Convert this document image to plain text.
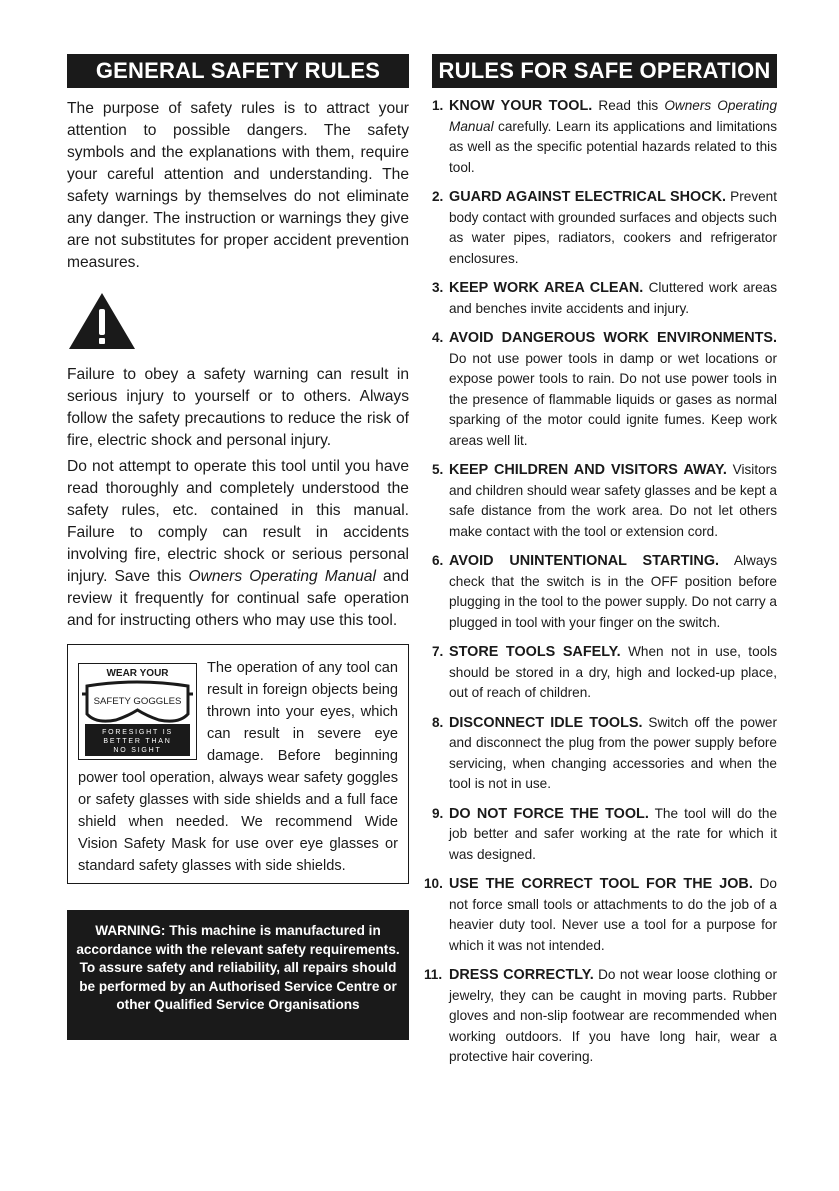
GENERAL SAFETY RULES

The purpose of safety rules is to attract your attention to possible dangers. The safety symbols and the explanations with them, require your careful attention and understanding. The safety warnings by themselves do not eliminate any danger. The instruction or warnings they give are not substitutes for proper accident prevention measures.

Failure to obey a safety warning can result in serious injury to yourself or to others. Always follow the safety precautions to reduce the risk of fire, electric shock and personal injury.

Do not attempt to operate this tool until you have read thoroughly and completely understood the safety rules, etc. contained in this manual. Failure to comply can result in accidents involving fire, electric shock or serious personal injury. Save this Owners Operating Manual and review it frequently for continual safe operation and for instructing others who may use this tool.

WEAR YOUR
SAFETY GOGGLES
FORESIGHT IS
BETTER THAN
NO SIGHT

The operation of any tool can result in foreign objects being thrown into your eyes, which can result in severe eye damage. Before beginning power tool operation, always wear safety goggles or safety glasses with side shields and a full face shield when needed. We recommend Wide Vision Safety Mask for use over eye glasses or standard safety glasses with side shields.

WARNING: This machine is manufactured in accordance with the relevant safety requirements. To assure safety and reliability, all repairs should be performed by an Authorised Service Centre or other Qualified Service Organisations
RULES FOR SAFE OPERATION
1. KNOW YOUR TOOL. Read this Owners Operating Manual carefully. Learn its applications and limitations as well as the specific potential hazards related to this tool.
2. GUARD AGAINST ELECTRICAL SHOCK. Prevent body contact with grounded surfaces and objects such as water pipes, radiators, cookers and refrigerator enclosures.
3. KEEP WORK AREA CLEAN. Cluttered work areas and benches invite accidents and injury.
4. AVOID DANGEROUS WORK ENVIRONMENTS. Do not use power tools in damp or wet locations or expose power tools to rain. Do not use power tools in the presence of flammable liquids or gases as normal sparking of the motor could ignite fumes. Keep work areas well lit.
5. KEEP CHILDREN AND VISITORS AWAY. Visitors and children should wear safety glasses and be kept a safe distance from the work area. Do not let others make contact with the tool or extension cord.
6. AVOID UNINTENTIONAL STARTING. Always check that the switch is in the OFF position before plugging in the tool to the power supply. Do not carry a plugged in tool with your finger on the switch.
7. STORE TOOLS SAFELY. When not in use, tools should be stored in a dry, high and locked-up place, out of reach of children.
8. DISCONNECT IDLE TOOLS. Switch off the power and disconnect the plug from the power supply before servicing, when changing accessories and when the tool is not in use.
9. DO NOT FORCE THE TOOL. The tool will do the job better and safer working at the rate for which it was designed.
10. USE THE CORRECT TOOL FOR THE JOB. Do not force small tools or attachments to do the job of a heavier duty tool. Never use a tool for a purpose for which it was not intended.
11. DRESS CORRECTLY. Do not wear loose clothing or jewelry, they can be caught in moving parts. Rubber gloves and non-slip footwear are recommended when working outdoors. If you have long hair, wear a protective hair covering.
